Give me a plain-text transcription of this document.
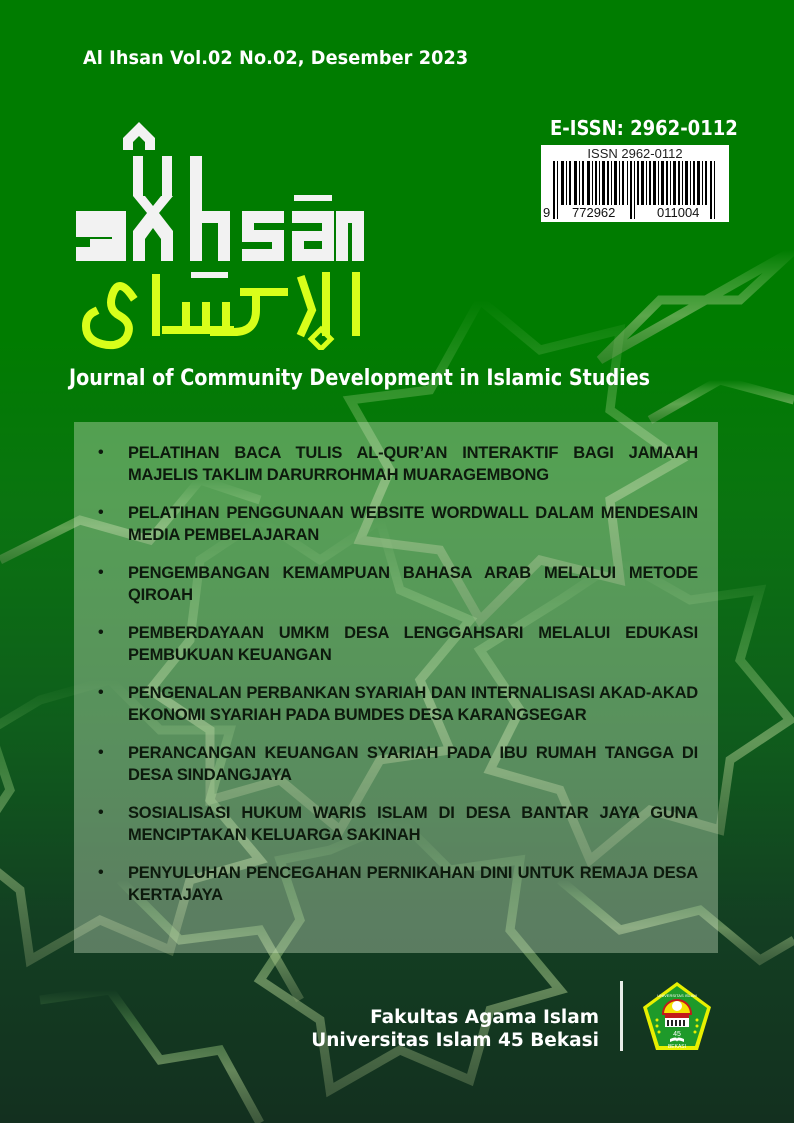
Al Ihsan Vol.02 No.02, Desember 2023
E-ISSN: 2962-0112
ISSN 2962-0112
9 772962	011004
Journal of Community Development in Islamic Studies
• PELATIHAN BACA TULIS AL-QUR’AN INTERAKTIF BAGI JAMAAH MAJELIS TAKLIM DARURROHMAH MUARAGEMBONG
• PELATIHAN PENGGUNAAN WEBSITE WORDWALL DALAM MENDESAIN MEDIA PEMBELAJARAN
• PENGEMBANGAN KEMAMPUAN BAHASA ARAB MELALUI METODE QIROAH
• PEMBERDAYAAN UMKM DESA LENGGAHSARI MELALUI EDUKASI PEMBUKUAN KEUANGAN
• PENGENALAN PERBANKAN SYARIAH DAN INTERNALISASI AKAD-AKAD EKONOMI SYARIAH PADA BUMDES DESA KARANGSEGAR
• PERANCANGAN KEUANGAN SYARIAH PADA IBU RUMAH TANGGA DI DESA SINDANGJAYA
• SOSIALISASI HUKUM WARIS ISLAM DI DESA BANTAR JAYA GUNA MENCIPTAKAN KELUARGA SAKINAH
• PENYULUHAN PENCEGAHAN PERNIKAHAN DINI UNTUK REMAJA DESA KERTAJAYA
Fakultas Agama Islam
Universitas Islam 45 Bekasi	45
BEKASI
UNIVERSITAS ISLAM
